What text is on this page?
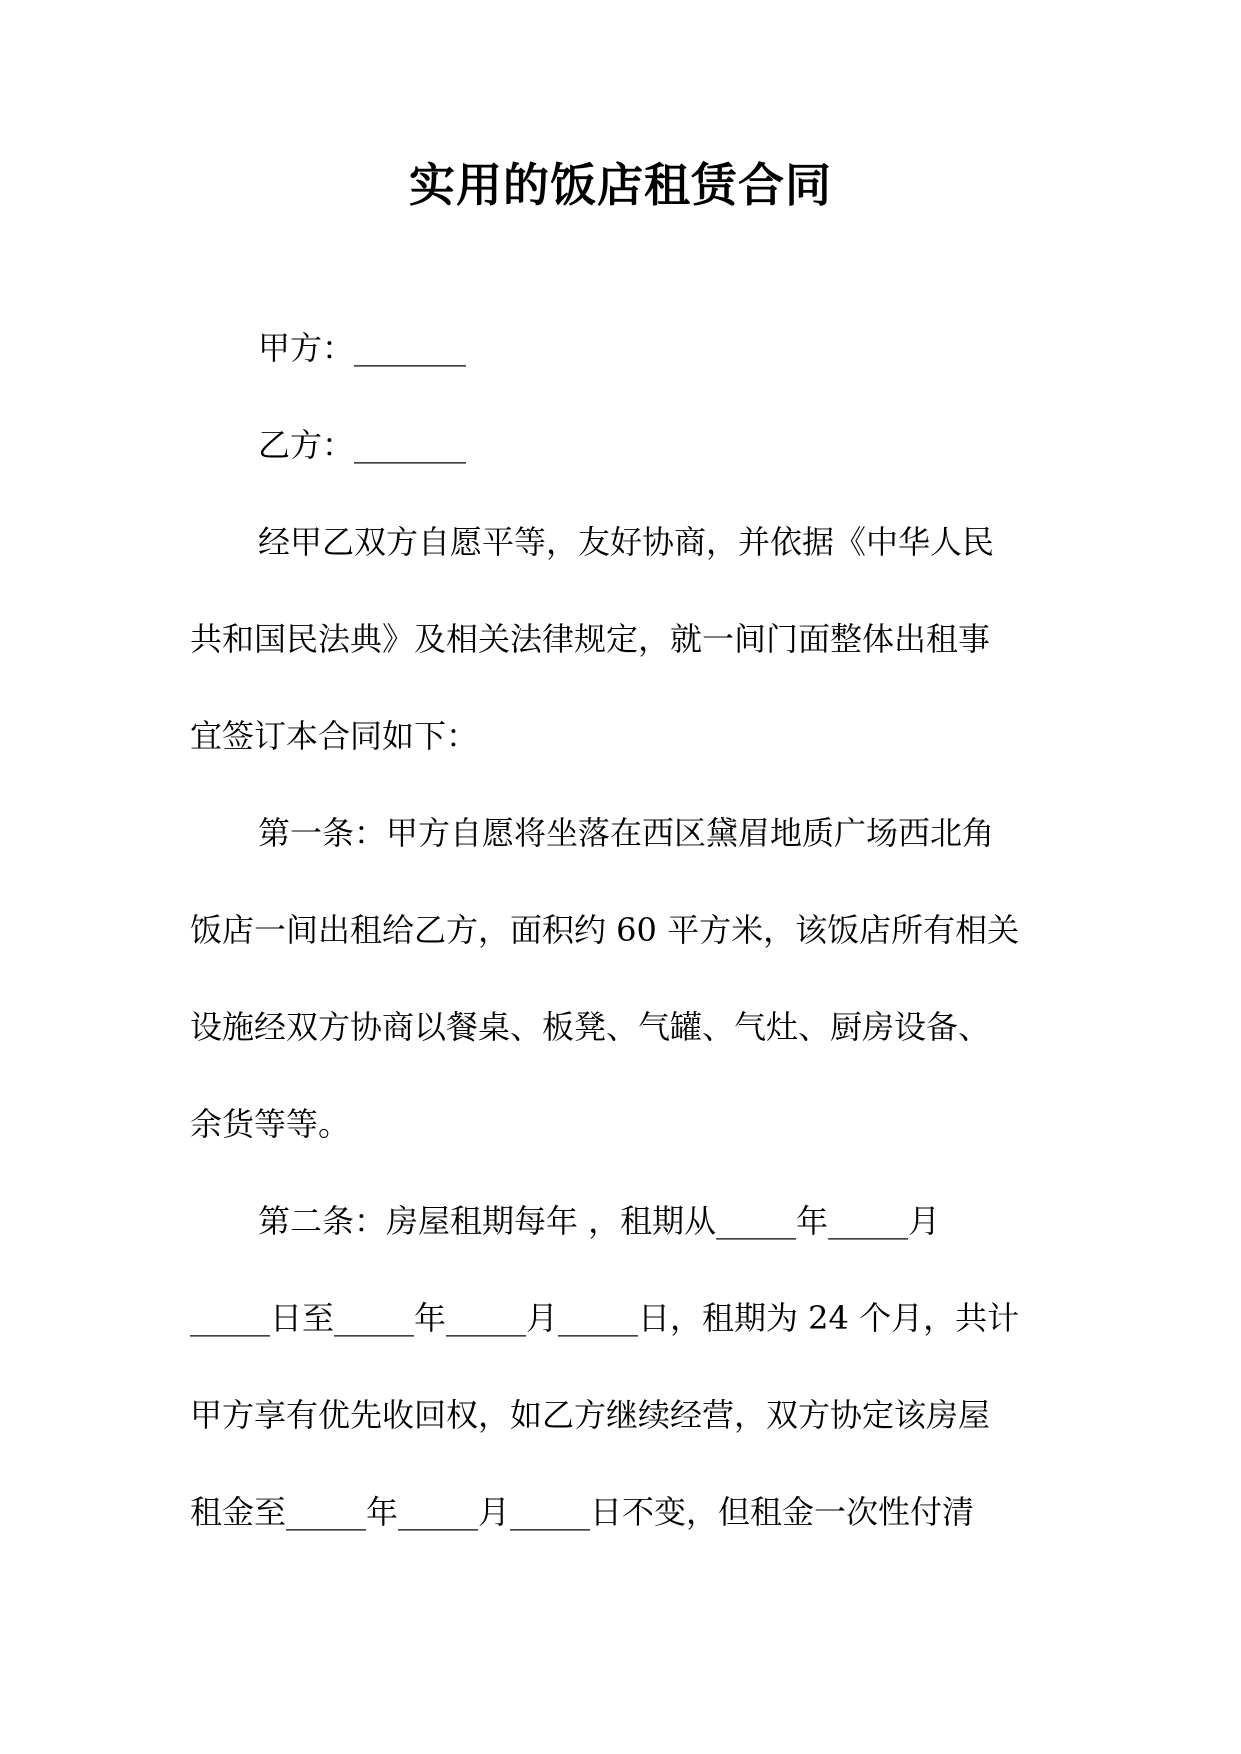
实用的饭店租赁合同
甲方：_______
乙方：_______
经甲乙双方自愿平等，友好协商，并依据《中华人民
共和国民法典》及相关法律规定，就一间门面整体出租事
宜签订本合同如下：
第一条：甲方自愿将坐落在西区黛眉地质广场西北角
饭店一间出租给乙方，面积约 60 平方米，该饭店所有相关
设施经双方协商以餐桌、板凳、气罐、气灶、厨房设备、
余货等等。
第二条：房屋租期每年 ，租期从_____年_____月
_____日至_____年_____月_____日，租期为 24 个月，共计
甲方享有优先收回权，如乙方继续经营，双方协定该房屋
租金至_____年_____月_____日不变，但租金一次性付清
